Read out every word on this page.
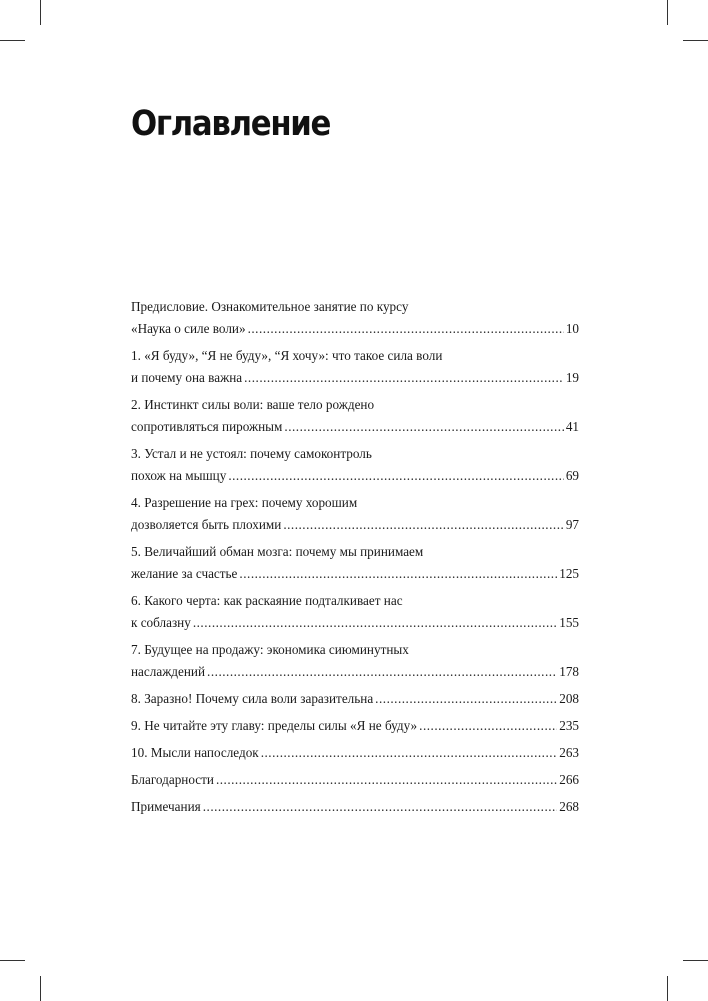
Оглавление
Предисловие. Ознакомительное занятие по курсу
«Наука о силе воли» .....	10
1. «Я буду», “Я не буду», “Я хочу»: что такое сила воли
и почему она важна .....	19
2. Инстинкт силы воли: ваше тело рождено
сопротивляться пирожным .....	41
3. Устал и не устоял: почему самоконтроль
похож на мышцу .....	69
4. Разрешение на грех: почему хорошим
дозволяется быть плохими .....	97
5. Величайший обман мозга: почему мы принимаем
желание за счастье .....	125
6. Какого черта: как раскаяние подталкивает нас
к соблазну .....	155
7. Будущее на продажу: экономика сиюминутных
наслаждений .....	178
8. Заразно! Почему сила воли заразительна .....	208
9. Не читайте эту главу: пределы силы «Я не буду» .....	235
10. Мысли напоследок .....	263
Благодарности .....	266
Примечания .....	268
